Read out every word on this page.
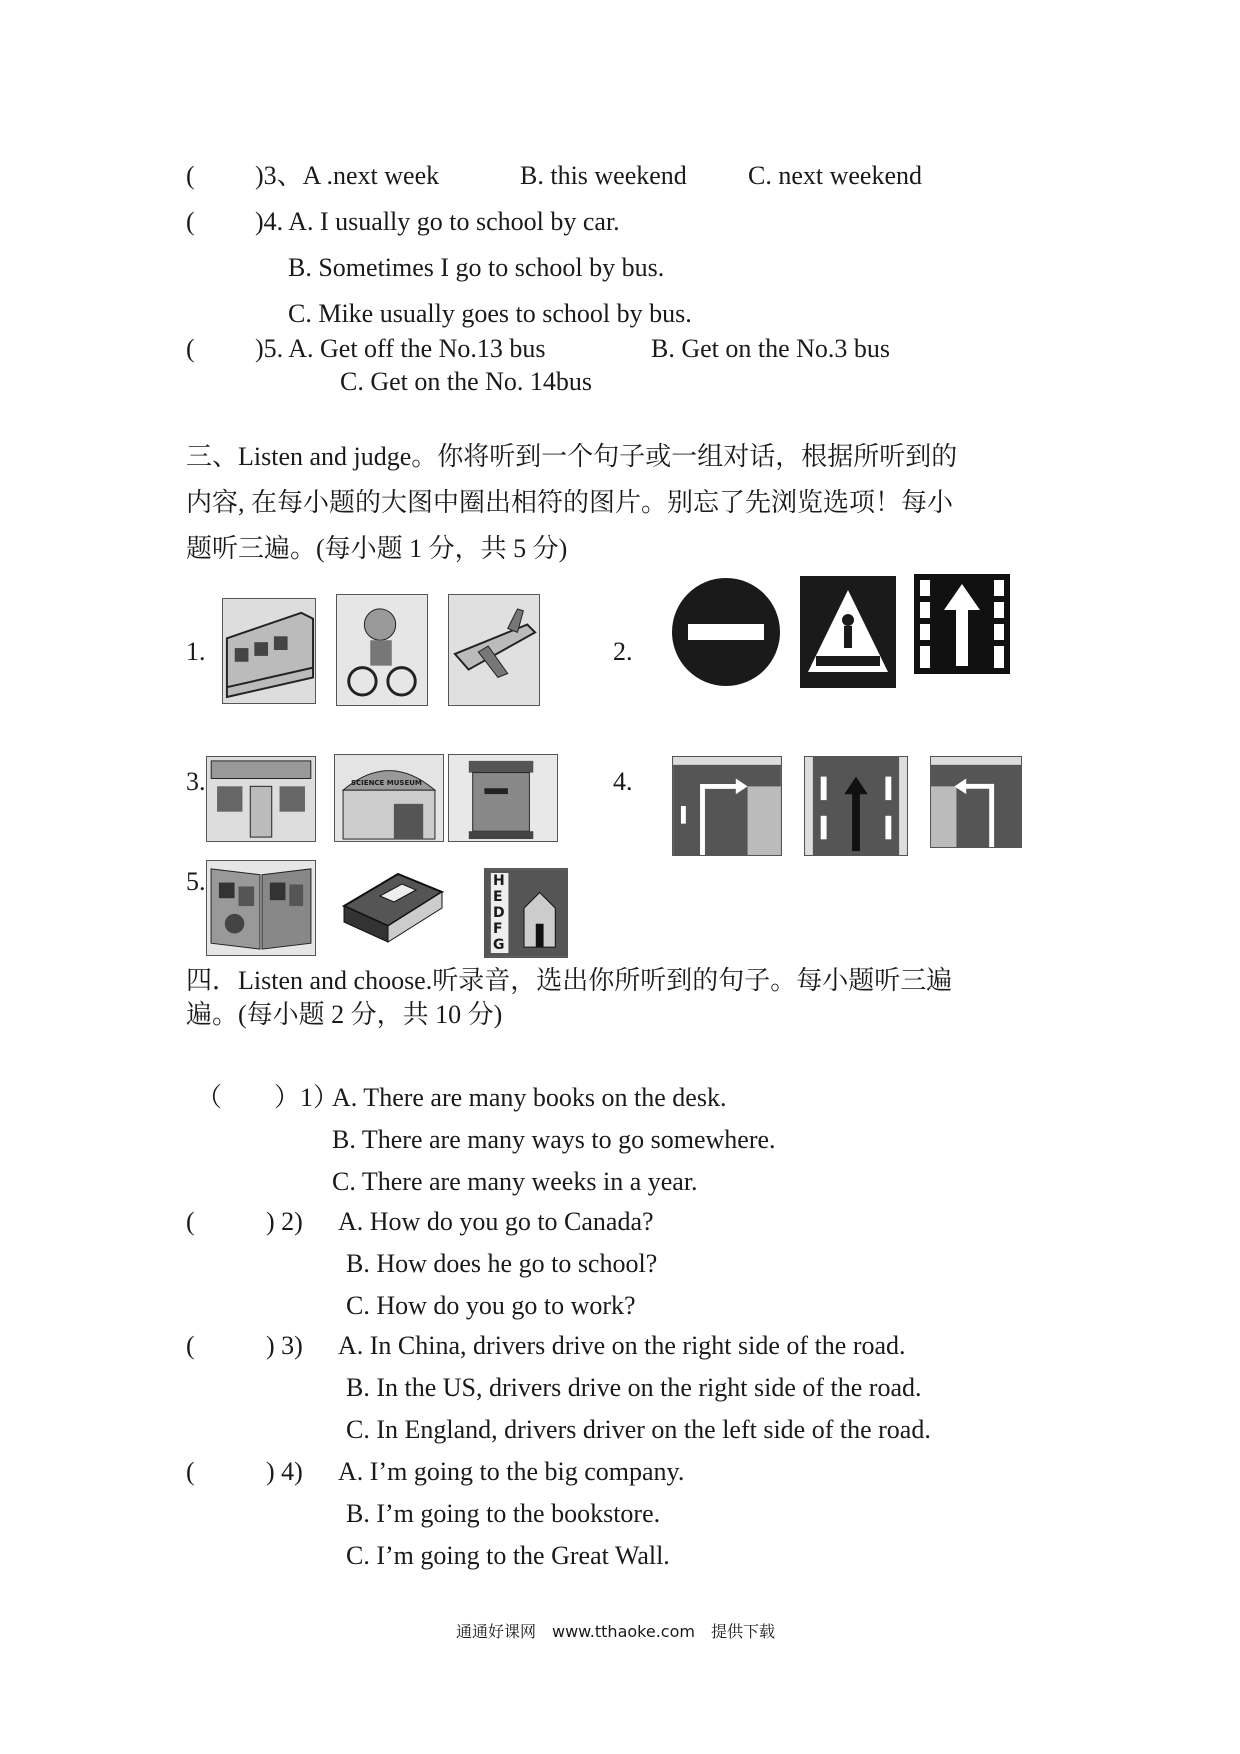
( )3、A .next week	B. this weekend C. next weekend
( )4. A. I usually go to school by car.
B. Sometimes I go to school by bus.
C. Mike usually goes to school by bus.
( )5. A. Get off the No.13 bus	B. Get on the No.3 bus
C. Get on the No. 14bus
三、Listen and judge。你将听到一个句子或一组对话，根据所听到的
内容, 在每小题的大图中圈出相符的图片。别忘了先浏览选项！每小
题听三遍。(每小题 1 分，共 5 分)
1.	2.
3.	SCIENCE MUSEUM	4.
5.	HEDFG
四．Listen and choose.听录音，选出你所听到的句子。每小题听三遍
遍。(每小题 2 分，共 10 分)
（　　）1）
A. There are many books on the desk.
B. There are many ways to go somewhere.
C. There are many weeks in a year.
(	) 2) A. How do you go to Canada?
B. How does he go to school?
C. How do you go to work?
(	) 3) A. In China, drivers drive on the right side of the road.
B. In the US, drivers drive on the right side of the road.
C. In England, drivers driver on the left side of the road.
(	) 4) A. I’m going to the big company.
B. I’m going to the bookstore.
C. I’m going to the Great Wall.
通通好课网　www.tthaoke.com　提供下载
